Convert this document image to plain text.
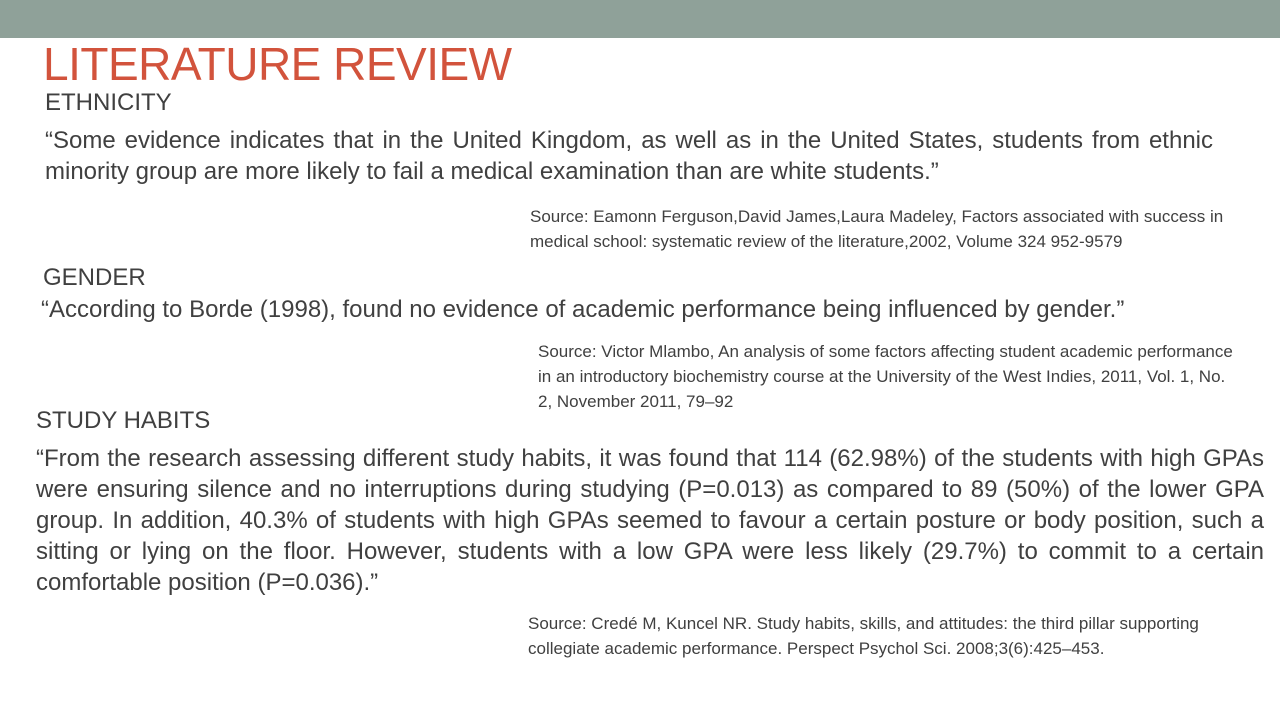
LITERATURE REVIEW
ETHNICITY
“Some evidence indicates that in the United Kingdom, as well as in the United States, students from ethnic minority group are more likely to fail a medical examination than are white students.”
Source: Eamonn Ferguson,David James,Laura Madeley, Factors associated with success in medical school: systematic review of the literature,2002, Volume 324 952-9579
GENDER
“According to Borde (1998), found no evidence of academic performance being influenced by gender.”
Source: Victor Mlambo, An analysis of some factors affecting student academic performance in an introductory biochemistry course at the University of the West Indies, 2011, Vol. 1, No. 2, November 2011, 79–92
STUDY HABITS
“From the research assessing different study habits, it was found that 114 (62.98%) of the students with high GPAs were ensuring silence and no interruptions during studying (P=0.013) as compared to 89 (50%) of the lower GPA group. In addition, 40.3% of students with high GPAs seemed to favour a certain posture or body position, such a sitting or lying on the floor. However, students with a low GPA were less likely (29.7%) to commit to a certain comfortable position (P=0.036).”
Source: Credé M, Kuncel NR. Study habits, skills, and attitudes: the third pillar supporting collegiate academic performance. Perspect Psychol Sci. 2008;3(6):425–453.
